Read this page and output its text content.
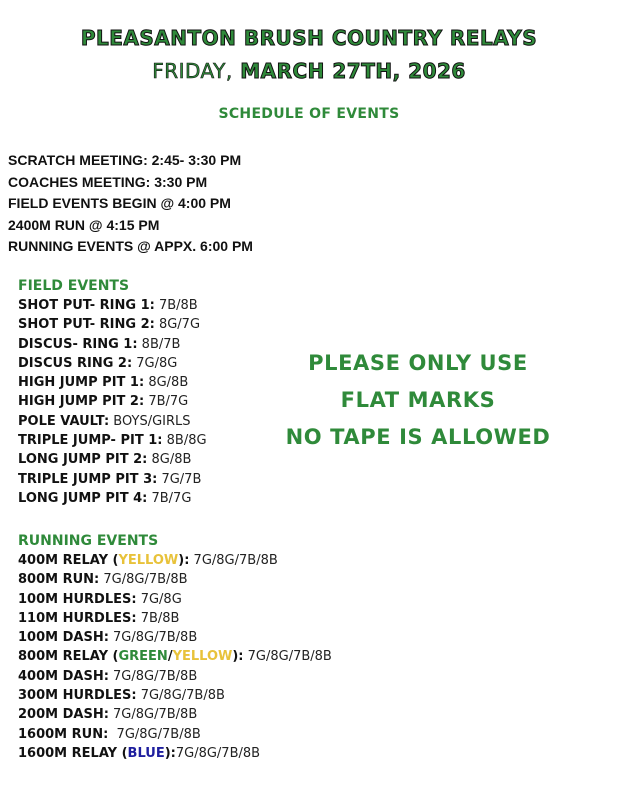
PLEASANTON BRUSH COUNTRY RELAYS
FRIDAY, MARCH 27TH, 2026
SCHEDULE OF EVENTS
SCRATCH MEETING: 2:45- 3:30 PM
COACHES MEETING: 3:30 PM
FIELD EVENTS BEGIN @ 4:00 PM
2400M RUN @ 4:15 PM
RUNNING EVENTS @ APPX. 6:00 PM
FIELD EVENTS
SHOT PUT- RING 1: 7B/8B
SHOT PUT- RING 2: 8G/7G
DISCUS- RING 1: 8B/7B
DISCUS RING 2: 7G/8G
HIGH JUMP PIT 1: 8G/8B
HIGH JUMP PIT 2: 7B/7G
POLE VAULT: BOYS/GIRLS
TRIPLE JUMP- PIT 1: 8B/8G
LONG JUMP PIT 2: 8G/8B
TRIPLE JUMP PIT 3: 7G/7B
LONG JUMP PIT 4: 7B/7G
PLEASE ONLY USE
FLAT MARKS
NO TAPE IS ALLOWED
RUNNING EVENTS
400M RELAY (YELLOW): 7G/8G/7B/8B
800M RUN: 7G/8G/7B/8B
100M HURDLES: 7G/8G
110M HURDLES: 7B/8B
100M DASH: 7G/8G/7B/8B
800M RELAY (GREEN/YELLOW): 7G/8G/7B/8B
400M DASH: 7G/8G/7B/8B
300M HURDLES: 7G/8G/7B/8B
200M DASH: 7G/8G/7B/8B
1600M RUN:  7G/8G/7B/8B
1600M RELAY (BLUE):7G/8G/7B/8B
